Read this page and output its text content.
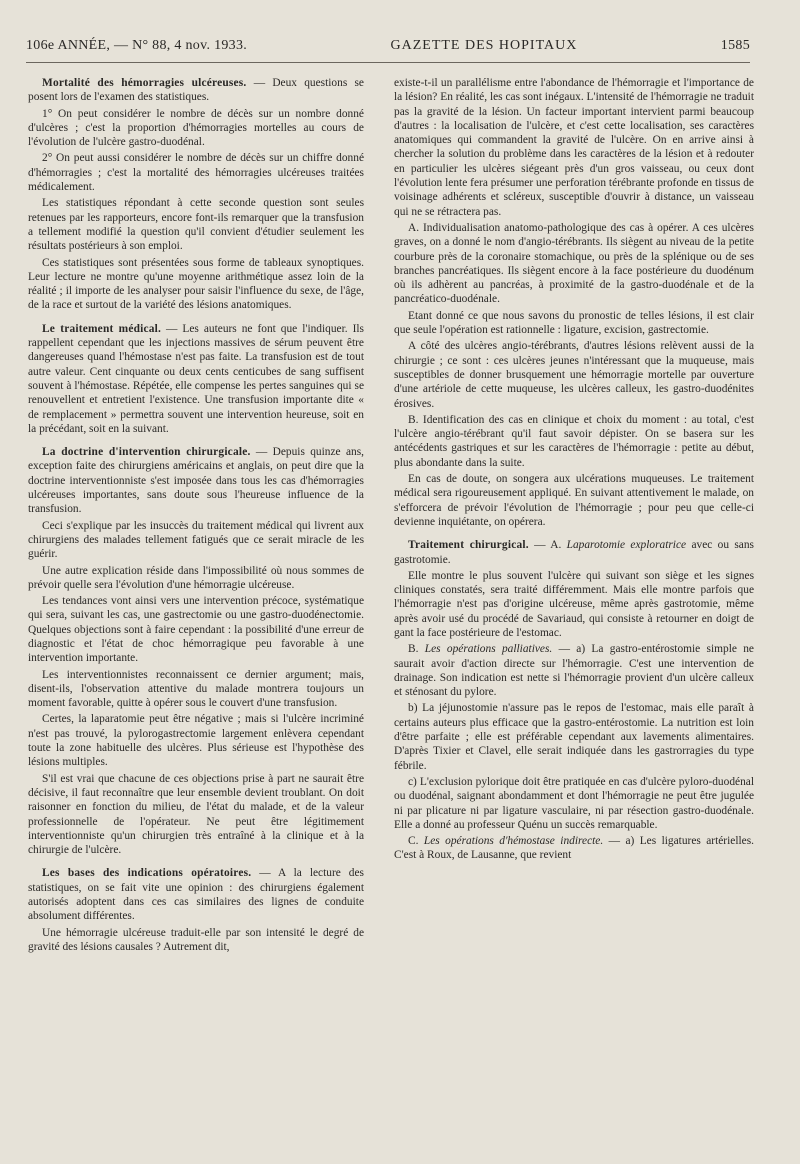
106e ANNÉE, — N° 88, 4 nov. 1933.	GAZETTE DES HOPITAUX	1585

Mortalité des hémorragies ulcéreuses. — Deux questions se posent lors de l'examen des statistiques.

1° On peut considérer le nombre de décès sur un nombre donné d'ulcères ; c'est la proportion d'hémorragies mortelles au cours de l'évolution de l'ulcère gastro-duodénal.

2° On peut aussi considérer le nombre de décès sur un chiffre donné d'hémorragies ; c'est la mortalité des hémorragies ulcéreuses traitées médicalement.

Les statistiques répondant à cette seconde question sont seules retenues par les rapporteurs, encore font-ils remarquer que la transfusion a tellement modifié la question qu'il convient d'étudier seulement les résultats postérieurs à son emploi.

Ces statistiques sont présentées sous forme de tableaux synoptiques. Leur lecture ne montre qu'une moyenne arithmétique assez loin de la réalité ; il importe de les analyser pour saisir l'influence du sexe, de l'âge, de la race et surtout de la variété des lésions anatomiques.

Le traitement médical. — Les auteurs ne font que l'indiquer. Ils rappellent cependant que les injections massives de sérum peuvent être dangereuses quand l'hémostase n'est pas faite. La transfusion est de tout autre valeur. Cent cinquante ou deux cents centicubes de sang suffisent souvent à l'hémostase. Répétée, elle compense les pertes sanguines qui se renouvellent et entretient l'existence. Une transfusion importante dite « de remplacement » permettra souvent une intervention heureuse, soit en la précédant, soit en la suivant.

La doctrine d'intervention chirurgicale. — Depuis quinze ans, exception faite des chirurgiens américains et anglais, on peut dire que la doctrine interventionniste s'est imposée dans tous les cas d'hémorragies ulcéreuses importantes, sans doute sous l'heureuse influence de la transfusion.

Ceci s'explique par les insuccès du traitement médical qui livrent aux chirurgiens des malades tellement fatigués que ce serait miracle de les guérir.

Une autre explication réside dans l'impossibilité où nous sommes de prévoir quelle sera l'évolution d'une hémorragie ulcéreuse.

Les tendances vont ainsi vers une intervention précoce, systématique qui sera, suivant les cas, une gastrectomie ou une gastro-duodénectomie. Quelques objections sont à faire cependant : la possibilité d'une erreur de diagnostic et l'état de choc hémorragique peu favorable à une intervention importante.

Les interventionnistes reconnaissent ce dernier argument; mais, disent-ils, l'observation attentive du malade montrera toujours un moment favorable, quitte à opérer sous le couvert d'une transfusion.

Certes, la laparatomie peut être négative ; mais si l'ulcère incriminé n'est pas trouvé, la pylorogastrectomie largement enlèvera cependant toute la zone habituelle des ulcères. Plus sérieuse est l'hypothèse des lésions multiples.

S'il est vrai que chacune de ces objections prise à part ne saurait être décisive, il faut reconnaître que leur ensemble devient troublant. On doit raisonner en fonction du milieu, de l'état du malade, et de la valeur professionnelle de l'opérateur. Ne peut être légitimement interventionniste qu'un chirurgien très entraîné à la clinique et à la chirurgie de l'ulcère.

Les bases des indications opératoires. — A la lecture des statistiques, on se fait vite une opinion : des chirurgiens également autorisés adoptent dans ces cas similaires des lignes de conduite absolument différentes.

Une hémorragie ulcéreuse traduit-elle par son intensité le degré de gravité des lésions causales ? Autrement dit,

existe-t-il un parallélisme entre l'abondance de l'hémorragie et l'importance de la lésion? En réalité, les cas sont inégaux. L'intensité de l'hémorragie ne traduit pas la gravité de la lésion. Un facteur important intervient parmi beaucoup d'autres : la localisation de l'ulcère, et c'est cette localisation, ses caractères anatomiques qui commandent la gravité de l'ulcère. On en arrive ainsi à chercher la solution du problème dans les caractères de la lésion et à redouter en particulier les ulcères siégeant près d'un gros vaisseau, ou ceux dont l'évolution lente fera présumer une perforation térébrante profonde en tissus de voisinage adhérents et scléreux, susceptible d'ouvrir à distance, un vaisseau qui ne se rétractera pas.

A. Individualisation anatomo-pathologique des cas à opérer. A ces ulcères graves, on a donné le nom d'angio-térébrants. Ils siègent au niveau de la petite courbure près de la coronaire stomachique, ou près de la splénique ou de ses branches pancréatiques. Ils siègent encore à la face postérieure du duodénum où ils adhèrent au pancréas, à proximité de la gastro-duodénale et de la pancréatico-duodénale.

Etant donné ce que nous savons du pronostic de telles lésions, il est clair que seule l'opération est rationnelle : ligature, excision, gastrectomie.

A côté des ulcères angio-térébrants, d'autres lésions relèvent aussi de la chirurgie ; ce sont : ces ulcères jeunes n'intéressant que la muqueuse, mais susceptibles de donner brusquement une hémorragie mortelle par ouverture d'une artériole de cette muqueuse, les ulcères calleux, les gastro-duodénites érosives.

B. Identification des cas en clinique et choix du moment : au total, c'est l'ulcère angio-térébrant qu'il faut savoir dépister. On se basera sur les antécédents gastriques et sur les caractères de l'hémorragie : petite au début, plus abondante dans la suite.

En cas de doute, on songera aux ulcérations muqueuses. Le traitement médical sera rigoureusement appliqué. En suivant attentivement le malade, on s'efforcera de prévoir l'évolution de l'hémorragie ; pour peu que celle-ci devienne inquiétante, on opérera.

Traitement chirurgical. — A. Laparotomie exploratrice avec ou sans gastrotomie.

Elle montre le plus souvent l'ulcère qui suivant son siège et les signes cliniques constatés, sera traité différemment. Mais elle montre parfois que l'hémorragie n'est pas d'origine ulcéreuse, même après gastrotomie, même après avoir usé du procédé de Savariaud, qui consiste à retourner en doigt de gant la face postérieure de l'estomac.

B. Les opérations palliatives. — a) La gastro-entérostomie simple ne saurait avoir d'action directe sur l'hémorragie. C'est une intervention de drainage. Son indication est nette si l'hémorragie provient d'un ulcère calleux et sténosant du pylore.

b) La jéjunostomie n'assure pas le repos de l'estomac, mais elle paraît à certains auteurs plus efficace que la gastro-entérostomie. La nutrition est loin d'être parfaite ; elle est préférable cependant aux lavements alimentaires. D'après Tixier et Clavel, elle serait indiquée dans les gastrorragies du type fébrile.

c) L'exclusion pylorique doit être pratiquée en cas d'ulcère pyloro-duodénal ou duodénal, saignant abondamment et dont l'hémorragie ne peut être jugulée ni par plicature ni par ligature vasculaire, ni par résection gastro-duodénale. Elle a donné au professeur Quénu un succès remarquable.

C. Les opérations d'hémostase indirecte. — a) Les ligatures artérielles. C'est à Roux, de Lausanne, que revient
